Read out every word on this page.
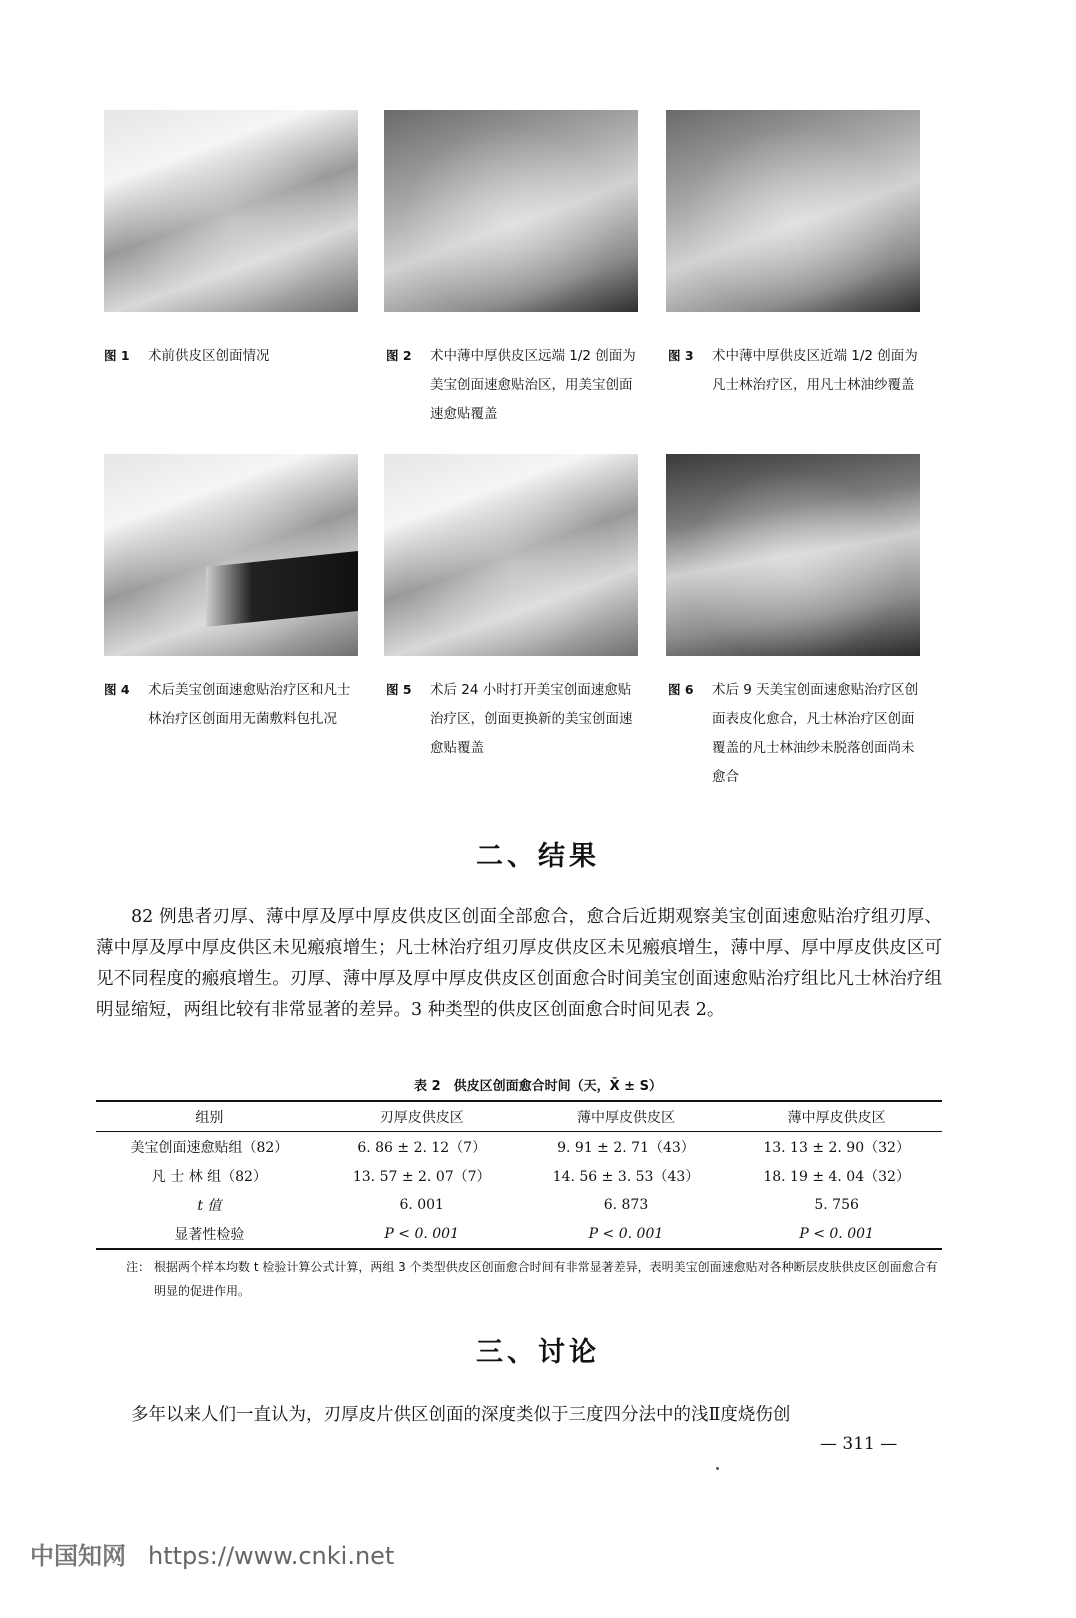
图 1 术前供皮区创面情况	图 2 术中薄中厚供皮区远端 1/2 创面为美宝创面速愈贴治区，用美宝创面速愈贴覆盖
图 3 术中薄中厚供皮区近端 1/2 创面为凡士林治疗区，用凡士林油纱覆盖
图 4 术后美宝创面速愈贴治疗区和凡士林治疗区创面用无菌敷料包扎况
图 5 术后 24 小时打开美宝创面速愈贴治疗区，创面更换新的美宝创面速愈贴覆盖
图 6 术后 9 天美宝创面速愈贴治疗区创面表皮化愈合，凡士林治疗区创面覆盖的凡士林油纱未脱落创面尚未愈合
二、结果
82 例患者刃厚、薄中厚及厚中厚皮供皮区创面全部愈合，愈合后近期观察美宝创面速愈贴治疗组刃厚、薄中厚及厚中厚皮供区未见瘢痕增生；凡士林治疗组刃厚皮供皮区未见瘢痕增生，薄中厚、厚中厚皮供皮区可见不同程度的瘢痕增生。刃厚、薄中厚及厚中厚皮供皮区创面愈合时间美宝创面速愈贴治疗组比凡士林治疗组明显缩短，两组比较有非常显著的差异。3 种类型的供皮区创面愈合时间见表 2。
表 2　供皮区创面愈合时间（天，X̄ ± S）
组别	刃厚皮供皮区	薄中厚皮供皮区	薄中厚皮供皮区
美宝创面速愈贴组（82）	6. 86 ± 2. 12（7）	9. 91 ± 2. 71（43）	13. 13 ± 2. 90（32）
凡 士 林 组（82）	13. 57 ± 2. 07（7）	14. 56 ± 3. 53（43）	18. 19 ± 4. 04（32）
t 值	6. 001	6. 873	5. 756
显著性检验	P < 0. 001	P < 0. 001	P < 0. 001
注： 根据两个样本均数 t 检验计算公式计算，两组 3 个类型供皮区创面愈合时间有非常显著差异，表明美宝创面速愈贴对各种断层皮肤供皮区创面愈合有明显的促进作用。
三、讨论
多年以来人们一直认为，刃厚皮片供区创面的深度类似于三度四分法中的浅Ⅱ度烧伤创
— 311 —
中国知网 https://www.cnki.net
